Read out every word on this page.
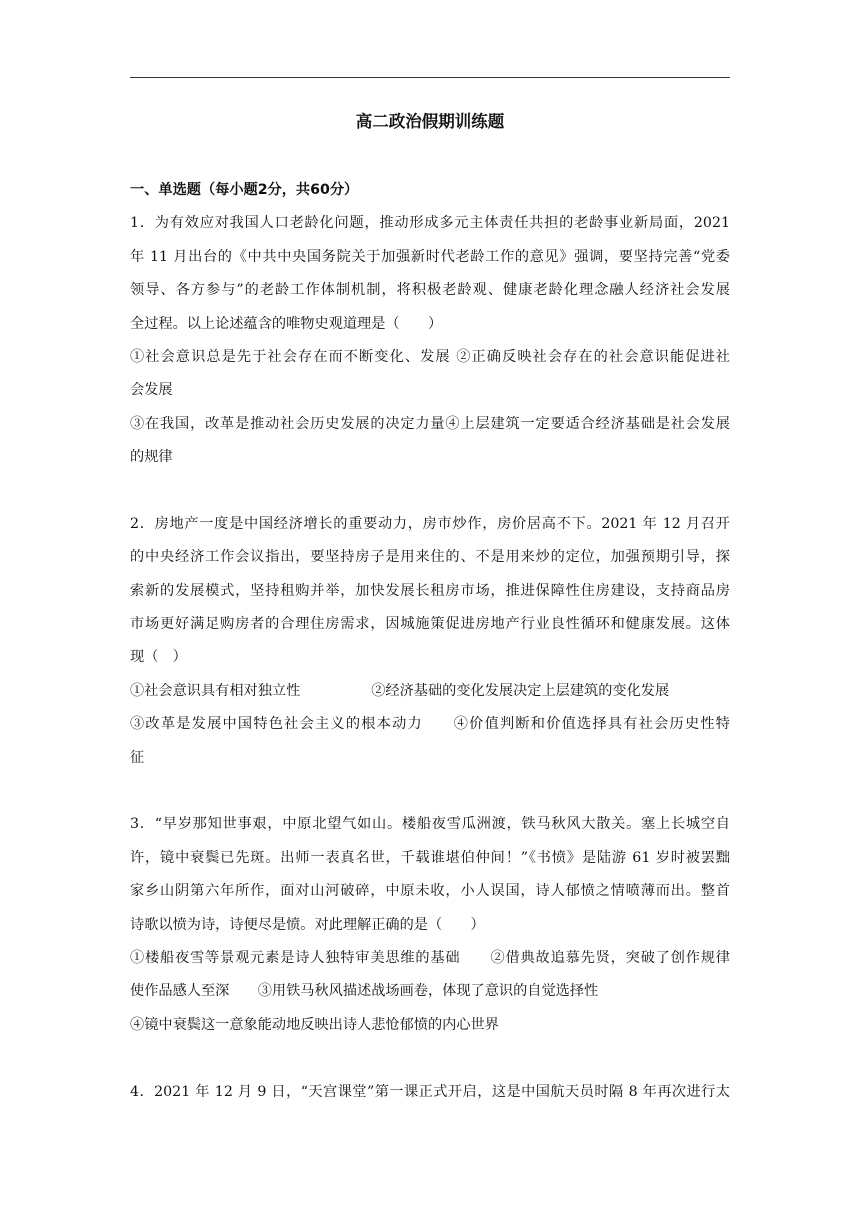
高二政治假期训练题
一、单选题（每小题2分，共60分）
1．为有效应对我国人口老龄化问题，推动形成多元主体责任共担的老龄事业新局面，2021
年 11 月出台的《中共中央国务院关于加强新时代老龄工作的意见》强调，要坚持完善“党委
领导、各方参与”的老龄工作体制机制，将积极老龄观、健康老龄化理念融人经济社会发展
全过程。以上论述蕴含的唯物史观道理是（　　）
①社会意识总是先于社会存在而不断变化、发展 ②正确反映社会存在的社会意识能促进社
会发展
③在我国，改革是推动社会历史发展的决定力量④上层建筑一定要适合经济基础是社会发展
的规律

2．房地产一度是中国经济增长的重要动力，房市炒作，房价居高不下。2021 年 12 月召开
的中央经济工作会议指出，要坚持房子是用来住的、不是用来炒的定位，加强预期引导，探
索新的发展模式，坚持租购并举，加快发展长租房市场，推进保障性住房建设，支持商品房
市场更好满足购房者的合理住房需求，因城施策促进房地产行业良性循环和健康发展。这体
现（　）
①社会意识具有相对独立性　　　　　②经济基础的变化发展决定上层建筑的变化发展
③改革是发展中国特色社会主义的根本动力　　④价值判断和价值选择具有社会历史性特
征

3．“早岁那知世事艰，中原北望气如山。楼船夜雪瓜洲渡，铁马秋风大散关。塞上长城空自
许，镜中衰鬓已先斑。出师一表真名世，千载谁堪伯仲间！”《书愤》是陆游 61 岁时被罢黜
家乡山阴第六年所作，面对山河破碎，中原未收，小人误国，诗人郁愤之情喷薄而出。整首
诗歌以愤为诗，诗便尽是愤。对此理解正确的是（　　）
①楼船夜雪等景观元素是诗人独特审美思维的基础　　②借典故追慕先贤，突破了创作规律
使作品感人至深　　③用铁马秋风描述战场画卷，体现了意识的自觉选择性
④镜中衰鬓这一意象能动地反映出诗人悲怆郁愤的内心世界

4．2021 年 12 月 9 日，“天宫课堂”第一课正式开启，这是中国航天员时隔 8 年再次进行太
